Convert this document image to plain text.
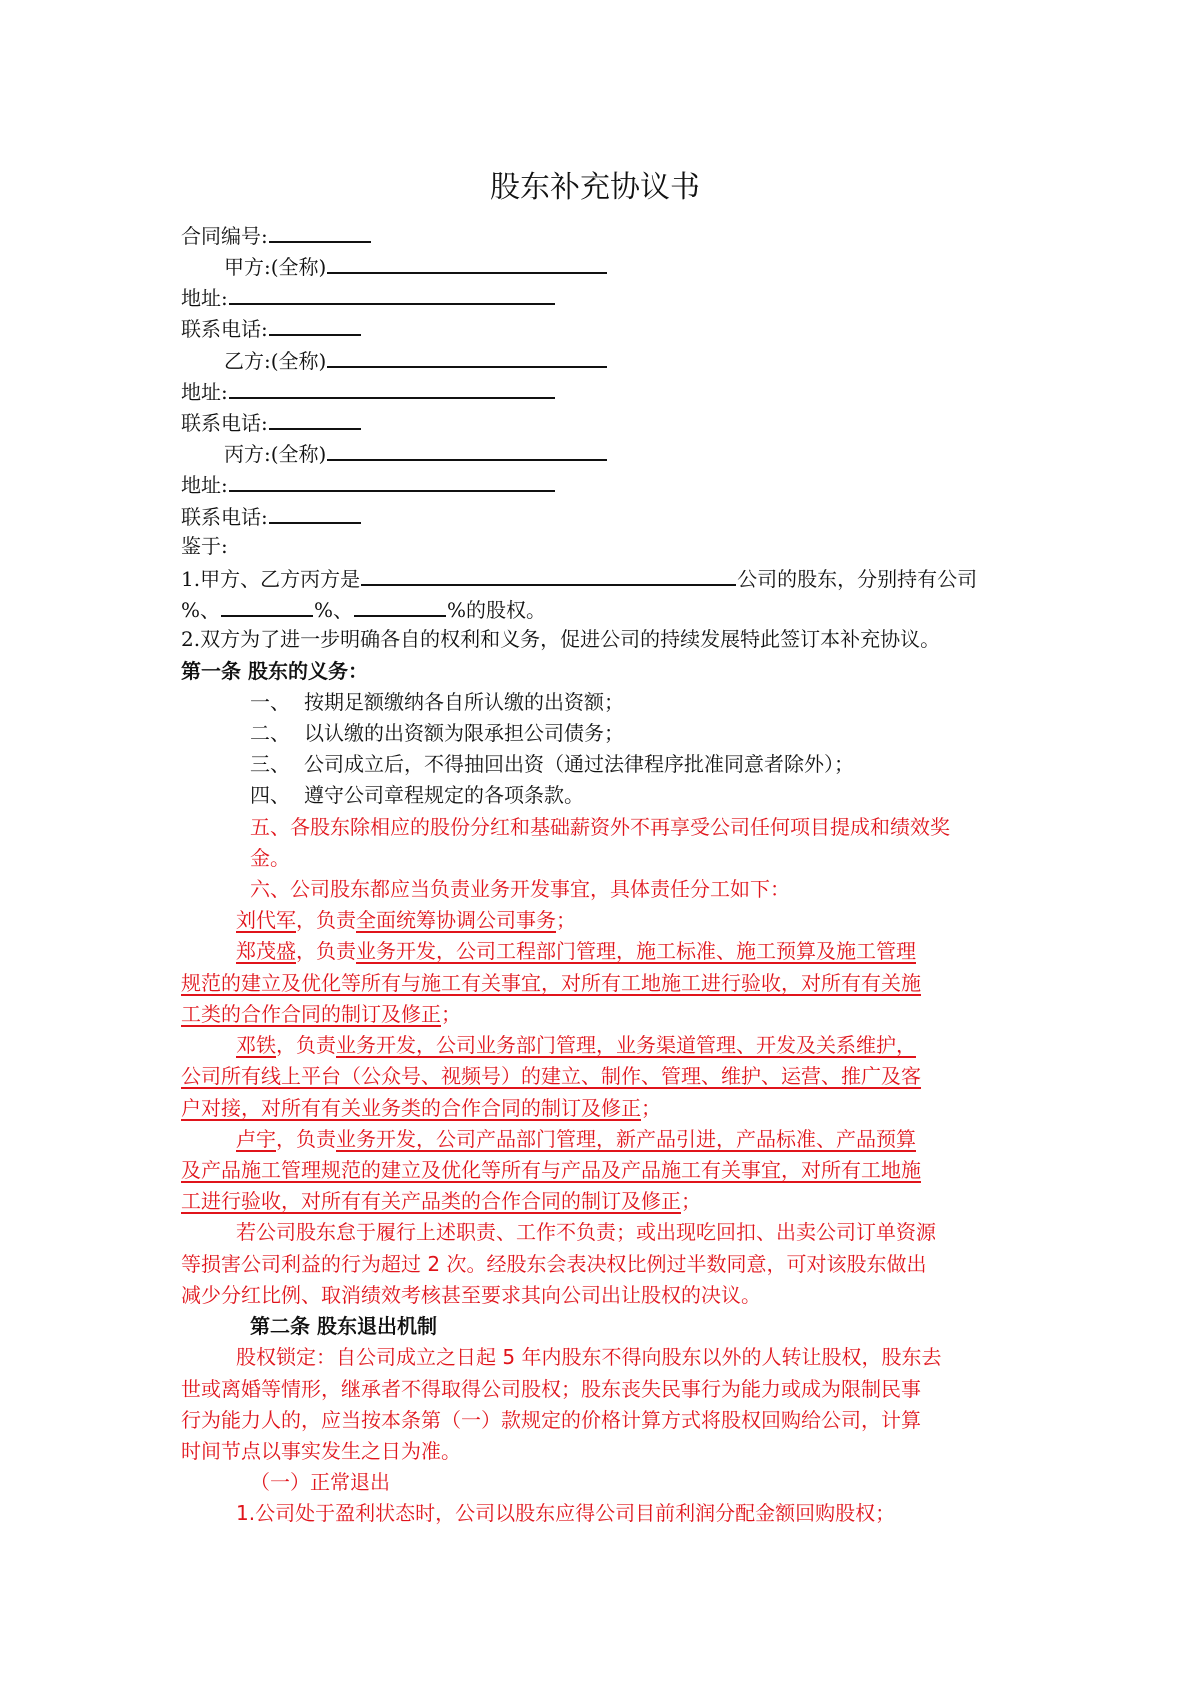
股东补充协议书
合同编号:
甲方:(全称)
地址:
联系电话:
乙方:(全称)
地址:
联系电话:
丙方:(全称)
地址:
联系电话:
鉴于:
1.甲方、乙方丙方是	公司的股东，分别持有公司
%、	%、	%的股权。
2.双方为了进一步明确各自的权利和义务，促进公司的持续发展特此签订本补充协议。
第一条 股东的义务：
一、 按期足额缴纳各自所认缴的出资额；
二、 以认缴的出资额为限承担公司债务；
三、 公司成立后，不得抽回出资（通过法律程序批准同意者除外）；
四、 遵守公司章程规定的各项条款。
五、各股东除相应的股份分红和基础薪资外不再享受公司任何项目提成和绩效奖
金。
六、公司股东都应当负责业务开发事宜，具体责任分工如下：
刘代军，负责全面统筹协调公司事务；
郑茂盛，负责业务开发，公司工程部门管理，施工标准、施工预算及施工管理
规范的建立及优化等所有与施工有关事宜，对所有工地施工进行验收，对所有有关施
工类的合作合同的制订及修正；
邓铁，负责业务开发，公司业务部门管理，业务渠道管理、开发及关系维护，
公司所有线上平台（公众号、视频号）的建立、制作、管理、维护、运营、推广及客
户对接，对所有有关业务类的合作合同的制订及修正；
卢宇，负责业务开发，公司产品部门管理，新产品引进，产品标准、产品预算
及产品施工管理规范的建立及优化等所有与产品及产品施工有关事宜，对所有工地施
工进行验收，对所有有关产品类的合作合同的制订及修正；
若公司股东怠于履行上述职责、工作不负责；或出现吃回扣、出卖公司订单资源
等损害公司利益的行为超过 2 次。经股东会表决权比例过半数同意，可对该股东做出
减少分红比例、取消绩效考核甚至要求其向公司出让股权的决议。
第二条 股东退出机制
股权锁定：自公司成立之日起 5 年内股东不得向股东以外的人转让股权，股东去
世或离婚等情形，继承者不得取得公司股权；股东丧失民事行为能力或成为限制民事
行为能力人的，应当按本条第（一）款规定的价格计算方式将股权回购给公司，计算
时间节点以事实发生之日为准。
（一）正常退出
1.公司处于盈利状态时，公司以股东应得公司目前利润分配金额回购股权；
